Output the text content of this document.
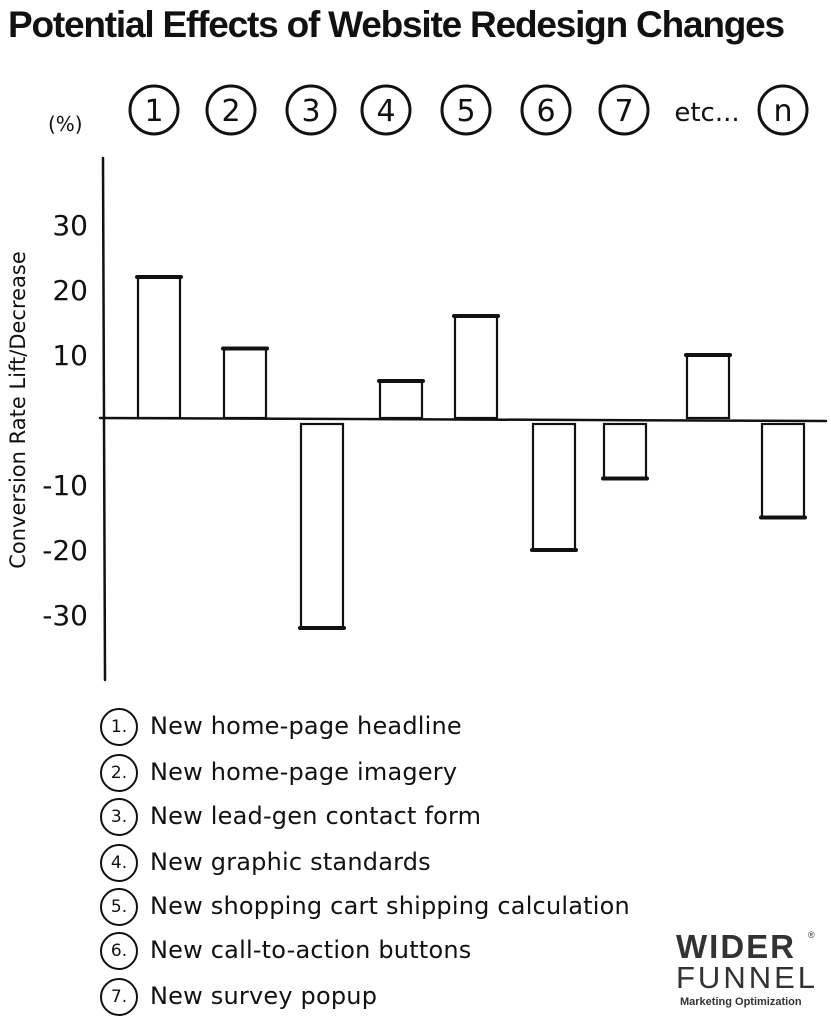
Potential Effects of Website Redesign Changes
(%)
Conversion Rate Lift/Decrease
1 2 3 4 5 6 7 etc... n
30
20
10
-10
-20
-30
1. New home-page headline
2. New home-page imagery
3. New lead-gen contact form
4. New graphic standards
5. New shopping cart shipping calculation
6. New call-to-action buttons
7. New survey popup
WIDER ®
FUNNEL
Marketing Optimization
